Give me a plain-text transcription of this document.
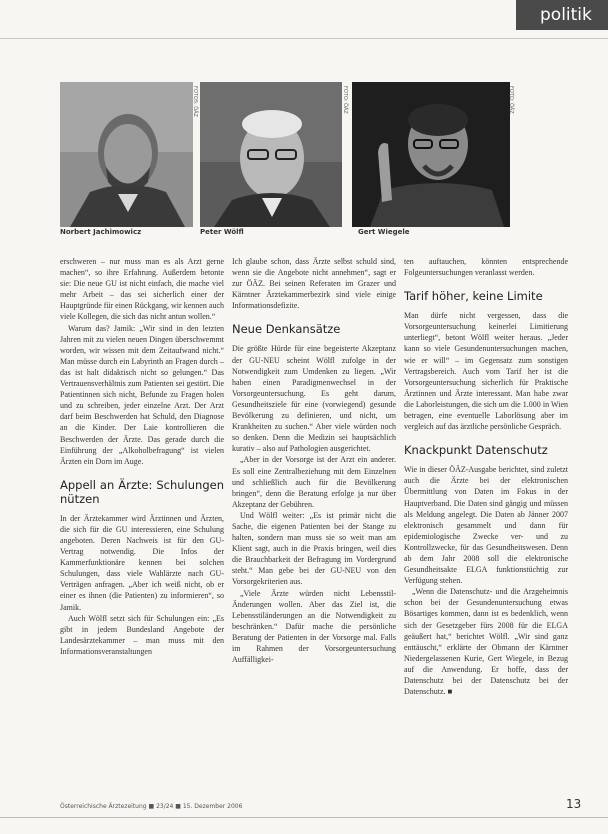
politik
FOTOS: ÖÄZ	FOTO: ÖÄZ	FOTO: ÖÄZ
Norbert Jachimowicz	Peter Wölfl	Gert Wiegele

erschweren – nur muss man es als Arzt gerne machen“, so ihre Erfahrung. Außerdem betonte sie: Die neue GU ist nicht einfach, die mache viel mehr Arbeit – das sei sicherlich einer der Hauptgründe für einen Rückgang, wir kennen auch viele Kollegen, die sich das nicht antun wollen.“

Warum das? Jamik: „Wir sind in den letzten Jahren mit zu vielen neuen Dingen überschwemmt worden, wir wissen mit dem Zeitaufwand nicht.“ Man müsse durch ein Labyrinth an Fragen durch – das ist halt didaktisch nicht so gelungen.“ Das Vertrauensverhältnis zum Patienten sei gestört. Die Patientinnen sich nicht, Befunde zu Fragen holen und zu schreiben, jeder einzelne Arzt. Der Arzt darf beim Beschwerden hat Schuld, den Diagnose an die Kinder. Der Laie kontrollieren die Beschwerden der Ärzte. Das gerade durch die Einführung der „Alkoholbefragung“ ist vielen Ärzten ein Dorn im Auge.

Appell an Ärzte: Schulungen nützen

In der Ärztekammer wird Ärztinnen und Ärzten, die sich für die GU interessieren, eine Schulung angeboten. Deren Nachweis ist für den GU-Vertrag notwendig. Die Infos der Kammerfunktionäre kennen bei solchen Schulungen, dass viele Wahlärzte nach GU-Verträgen anfragen. „Aber ich weiß nicht, ob er einer es ihnen (die Patienten) zu informieren“, so Jamik.

Auch Wölfl setzt sich für Schulungen ein: „Es gibt in jedem Bundesland Angebote der Landesärztekammer – man muss mit den Informationsveranstaltungen

Ich glaube schon, dass Ärzte selbst schuld sind, wenn sie die Angebote nicht annehmen“, sagt er zur ÖÄZ. Bei seinen Referaten im Grazer und Kärntner Ärztekammerbezirk sind viele einige Informationsdefizite.

Neue Denkansätze

Die größte Hürde für eine begeisterte Akzeptanz der GU-NEU scheint Wölfl zufolge in der Notwendigkeit zum Umdenken zu liegen. „Wir haben einen Paradigmenwechsel in der Vorsorgeuntersuchung. Es geht darum, Gesundheitsziele für eine (vorwiegend) gesunde Bevölkerung zu definieren, und nicht, um Krankheiten zu suchen.“ Aber viele würden noch so denken. Denn die Medizin sei hauptsächlich kurativ – also auf Pathologien ausgerichtet.

„Aber in der Vorsorge ist der Arzt ein anderer. Es soll eine Zentralbeziehung mit dem Einzelnen und schließlich auch für die Bevölkerung bringen“, denn die Beratung erfolge ja nur über Akzeptanz der Gebühren.

Und Wölfl weiter: „Es ist primär nicht die Sache, die eigenen Patienten bei der Stange zu halten, sondern man muss sie so weit man am Klient sagt, auch in die Praxis bringen, weil dies die Brauchbarkeit der Befragung im Vordergrund steht.“ Man gebe bei der GU-NEU von den Vorsorgekriterien aus.

„Viele Ärzte würden nicht Lebensstil-Änderungen wollen. Aber das Ziel ist, die Lebensstiländerungen an die Notwendigkeit zu beschränken.“ Dafür mache die persönliche Beratung der Patienten in der Vorsorge mal. Falls im Rahmen der Vorsorgeuntersuchung Auffälligkei-

ten auftauchen, könnten entsprechende Folgeuntersuchungen veranlasst werden.

Tarif höher, keine Limite

Man dürfe nicht vergessen, dass die Vorsorgeuntersuchung keinerlei Limitierung unterliegt“, betont Wölfl weiter heraus. „Jeder kann so viele Gesundenuntersuchungen machen, wie er will“ – im Gegensatz zum sonstigen Vertragsbereich. Auch vom Tarif her ist die Vorsorgeuntersuchung sicherlich für Praktische Ärztinnen und Ärzte interessant. Man habe zwar die Laborleistungen, die sich um die 1.000 in Wien betragen, eine eventuelle Laborlösung aber im vergleich auf das ärztliche persönliche Gespräch.

Knackpunkt Datenschutz

Wie in dieser ÖÄZ-Ausgabe berichtet, sind zuletzt auch die Ärzte bei der elektronischen Übermittlung von Daten im Fokus in der Hauptverband. Die Daten sind gängig und müssen als Meldung angelegt. Die Daten ab Jänner 2007 elektronisch gesammelt und dann für epidemiologische Zwecke ver- und zu Kontrollzwecke, für das Gesundheitswesen. Denn ab dem Jahr 2008 soll die elektronische Gesundheitsakte ELGA funktionstüchtig zur Verfügung stehen.

„Wenn die Datenschutz- und die Arzgeheimnis schon bei der Gesundenuntersuchung etwas Bösartiges kommen, dann ist es bedenklich, wenn sich der Gesetzgeber fürs 2008 für die ELGA geäußert hat,“ berichtet Wölfl. „Wir sind ganz enttäuscht,“ erklärte der Obmann der Kärntner Niedergelassenen Kurie, Gert Wiegele, in Bezug auf die Anwendung. Er hoffe, dass der Datenschutz bei der Datenschutz bei der Datenschutz. ■

Österreichische Ärztezeitung ■ 23/24 ■ 15. Dezember 2006	13
